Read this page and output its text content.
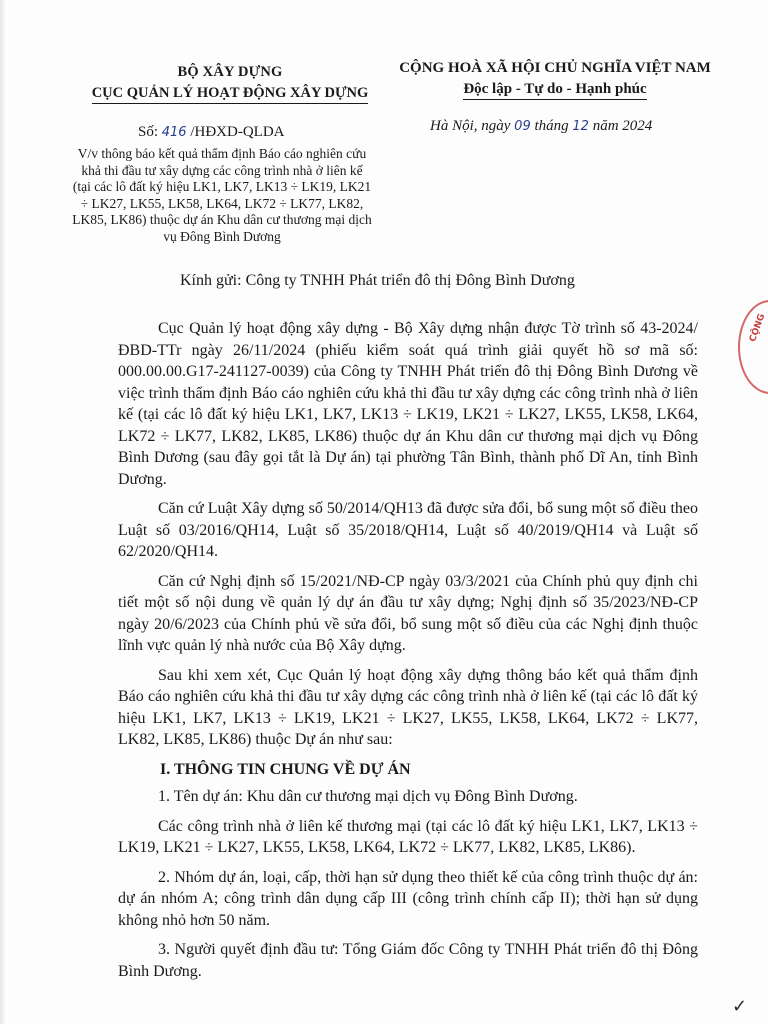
BỘ XÂY DỰNG
CỤC QUẢN LÝ HOẠT ĐỘNG XÂY DỰNG
CỘNG HOÀ XÃ HỘI CHỦ NGHĨA VIỆT NAM
Độc lập - Tự do - Hạnh phúc
Số: 416 /HĐXD-QLDA	Hà Nội, ngày 09 tháng 12 năm 2024
V/v thông báo kết quả thẩm định Báo cáo nghiên cứu khả thi đầu tư xây dựng các công trình nhà ở liên kế (tại các lô đất ký hiệu LK1, LK7, LK13 ÷ LK19, LK21 ÷ LK27, LK55, LK58, LK64, LK72 ÷ LK77, LK82, LK85, LK86) thuộc dự án Khu dân cư thương mại dịch vụ Đông Bình Dương
Kính gửi: Công ty TNHH Phát triển đô thị Đông Bình Dương

Cục Quản lý hoạt động xây dựng - Bộ Xây dựng nhận được Tờ trình số 43-2024/ĐBD-TTr ngày 26/11/2024 (phiếu kiểm soát quá trình giải quyết hồ sơ mã số: 000.00.00.G17-241127-0039) của Công ty TNHH Phát triển đô thị Đông Bình Dương về việc trình thẩm định Báo cáo nghiên cứu khả thi đầu tư xây dựng các công trình nhà ở liên kế (tại các lô đất ký hiệu LK1, LK7, LK13 ÷ LK19, LK21 ÷ LK27, LK55, LK58, LK64, LK72 ÷ LK77, LK82, LK85, LK86) thuộc dự án Khu dân cư thương mại dịch vụ Đông Bình Dương (sau đây gọi tắt là Dự án) tại phường Tân Bình, thành phố Dĩ An, tỉnh Bình Dương.

Căn cứ Luật Xây dựng số 50/2014/QH13 đã được sửa đổi, bổ sung một số điều theo Luật số 03/2016/QH14, Luật số 35/2018/QH14, Luật số 40/2019/QH14 và Luật số 62/2020/QH14.

Căn cứ Nghị định số 15/2021/NĐ-CP ngày 03/3/2021 của Chính phủ quy định chi tiết một số nội dung về quản lý dự án đầu tư xây dựng; Nghị định số 35/2023/NĐ-CP ngày 20/6/2023 của Chính phủ về sửa đổi, bổ sung một số điều của các Nghị định thuộc lĩnh vực quản lý nhà nước của Bộ Xây dựng.

Sau khi xem xét, Cục Quản lý hoạt động xây dựng thông báo kết quả thẩm định Báo cáo nghiên cứu khả thi đầu tư xây dựng các công trình nhà ở liên kế (tại các lô đất ký hiệu LK1, LK7, LK13 ÷ LK19, LK21 ÷ LK27, LK55, LK58, LK64, LK72 ÷ LK77, LK82, LK85, LK86) thuộc Dự án như sau:

I. THÔNG TIN CHUNG VỀ DỰ ÁN

1. Tên dự án: Khu dân cư thương mại dịch vụ Đông Bình Dương.

Các công trình nhà ở liên kế thương mại (tại các lô đất ký hiệu LK1, LK7, LK13 ÷ LK19, LK21 ÷ LK27, LK55, LK58, LK64, LK72 ÷ LK77, LK82, LK85, LK86).

2. Nhóm dự án, loại, cấp, thời hạn sử dụng theo thiết kế của công trình thuộc dự án: dự án nhóm A; công trình dân dụng cấp III (công trình chính cấp II); thời hạn sử dụng không nhỏ hơn 50 năm.

3. Người quyết định đầu tư: Tổng Giám đốc Công ty TNHH Phát triển đô thị Đông Bình Dương.

CỘNG
✓
